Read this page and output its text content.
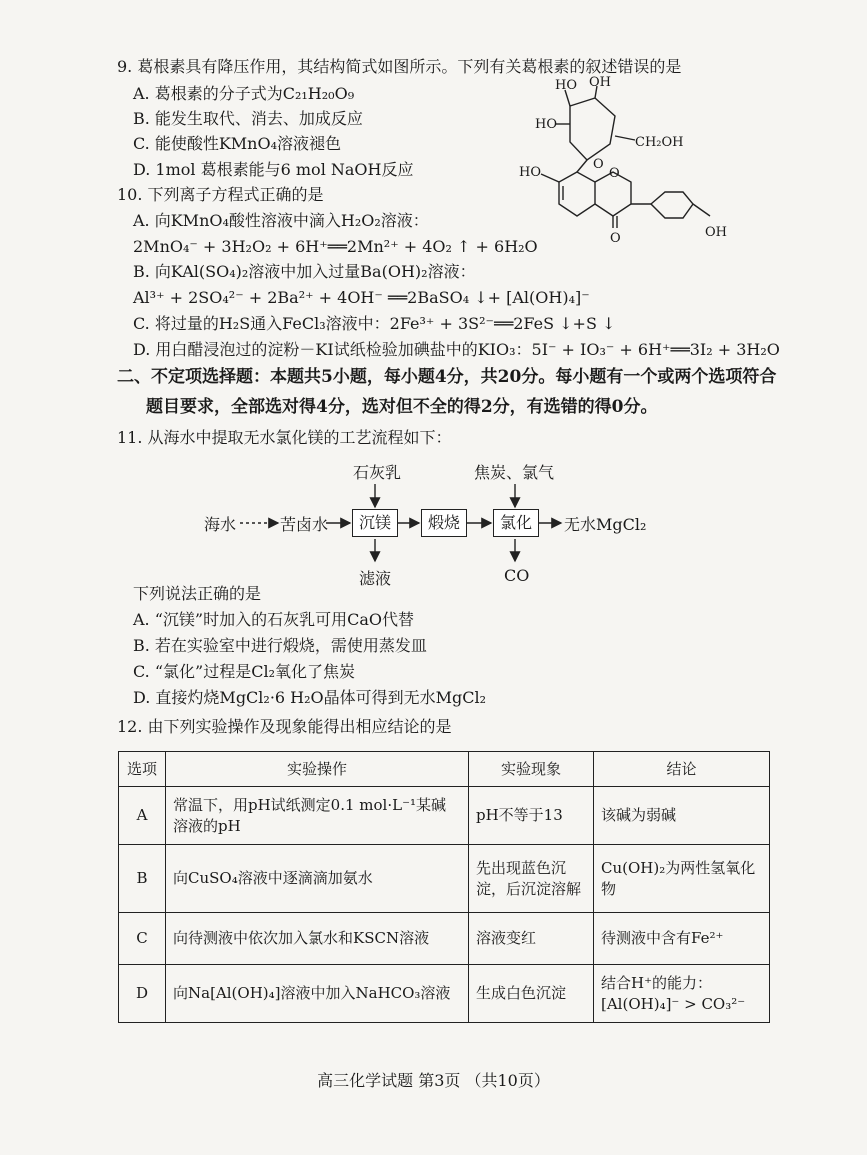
9. 葛根素具有降压作用，其结构简式如图所示。下列有关葛根素的叙述错误的是
A. 葛根素的分子式为C₂₁H₂₀O₉
B. 能发生取代、消去、加成反应
C. 能使酸性KMnO₄溶液褪色
D. 1mol 葛根素能与6 mol NaOH反应
HO OH
HO
CH₂OH
O
HO	O
O	OH
10. 下列离子方程式正确的是
A. 向KMnO₄酸性溶液中滴入H₂O₂溶液：
2MnO₄⁻ + 3H₂O₂ + 6H⁺══2Mn²⁺ + 4O₂ ↑ + 6H₂O
B. 向KAl(SO₄)₂溶液中加入过量Ba(OH)₂溶液：
Al³⁺ + 2SO₄²⁻ + 2Ba²⁺ + 4OH⁻ ══2BaSO₄ ↓+ [Al(OH)₄]⁻
C. 将过量的H₂S通入FeCl₃溶液中：2Fe³⁺ + 3S²⁻══2FeS ↓+S ↓
D. 用白醋浸泡过的淀粉－KI试纸检验加碘盐中的KIO₃：5I⁻ + IO₃⁻ + 6H⁺══3I₂ + 3H₂O
二、不定项选择题：本题共5小题，每小题4分，共20分。每小题有一个或两个选项符合
题目要求，全部选对得4分，选对但不全的得2分，有选错的得0分。
11. 从海水中提取无水氯化镁的工艺流程如下：
石灰乳	焦炭、氯气
海水	苦卤水	沉镁	煅烧	氯化	无水MgCl₂
滤液	CO
下列说法正确的是
A. “沉镁”时加入的石灰乳可用CaO代替
B. 若在实验室中进行煅烧，需使用蒸发皿
C. “氯化”过程是Cl₂氧化了焦炭
D. 直接灼烧MgCl₂·6 H₂O晶体可得到无水MgCl₂
12. 由下列实验操作及现象能得出相应结论的是
选项	实验操作	实验现象	结论
A	常温下，用pH试纸测定0.1 mol·L⁻¹某碱溶液的pH	pH不等于13	该碱为弱碱
B	向CuSO₄溶液中逐滴滴加氨水	先出现蓝色沉淀，后沉淀溶解	Cu(OH)₂为两性氢氧化物
C	向待测液中依次加入氯水和KSCN溶液	溶液变红	待测液中含有Fe²⁺
D	向Na[Al(OH)₄]溶液中加入NaHCO₃溶液	生成白色沉淀	结合H⁺的能力：[Al(OH)₄]⁻ > CO₃²⁻
高三化学试题 第3页 （共10页）
